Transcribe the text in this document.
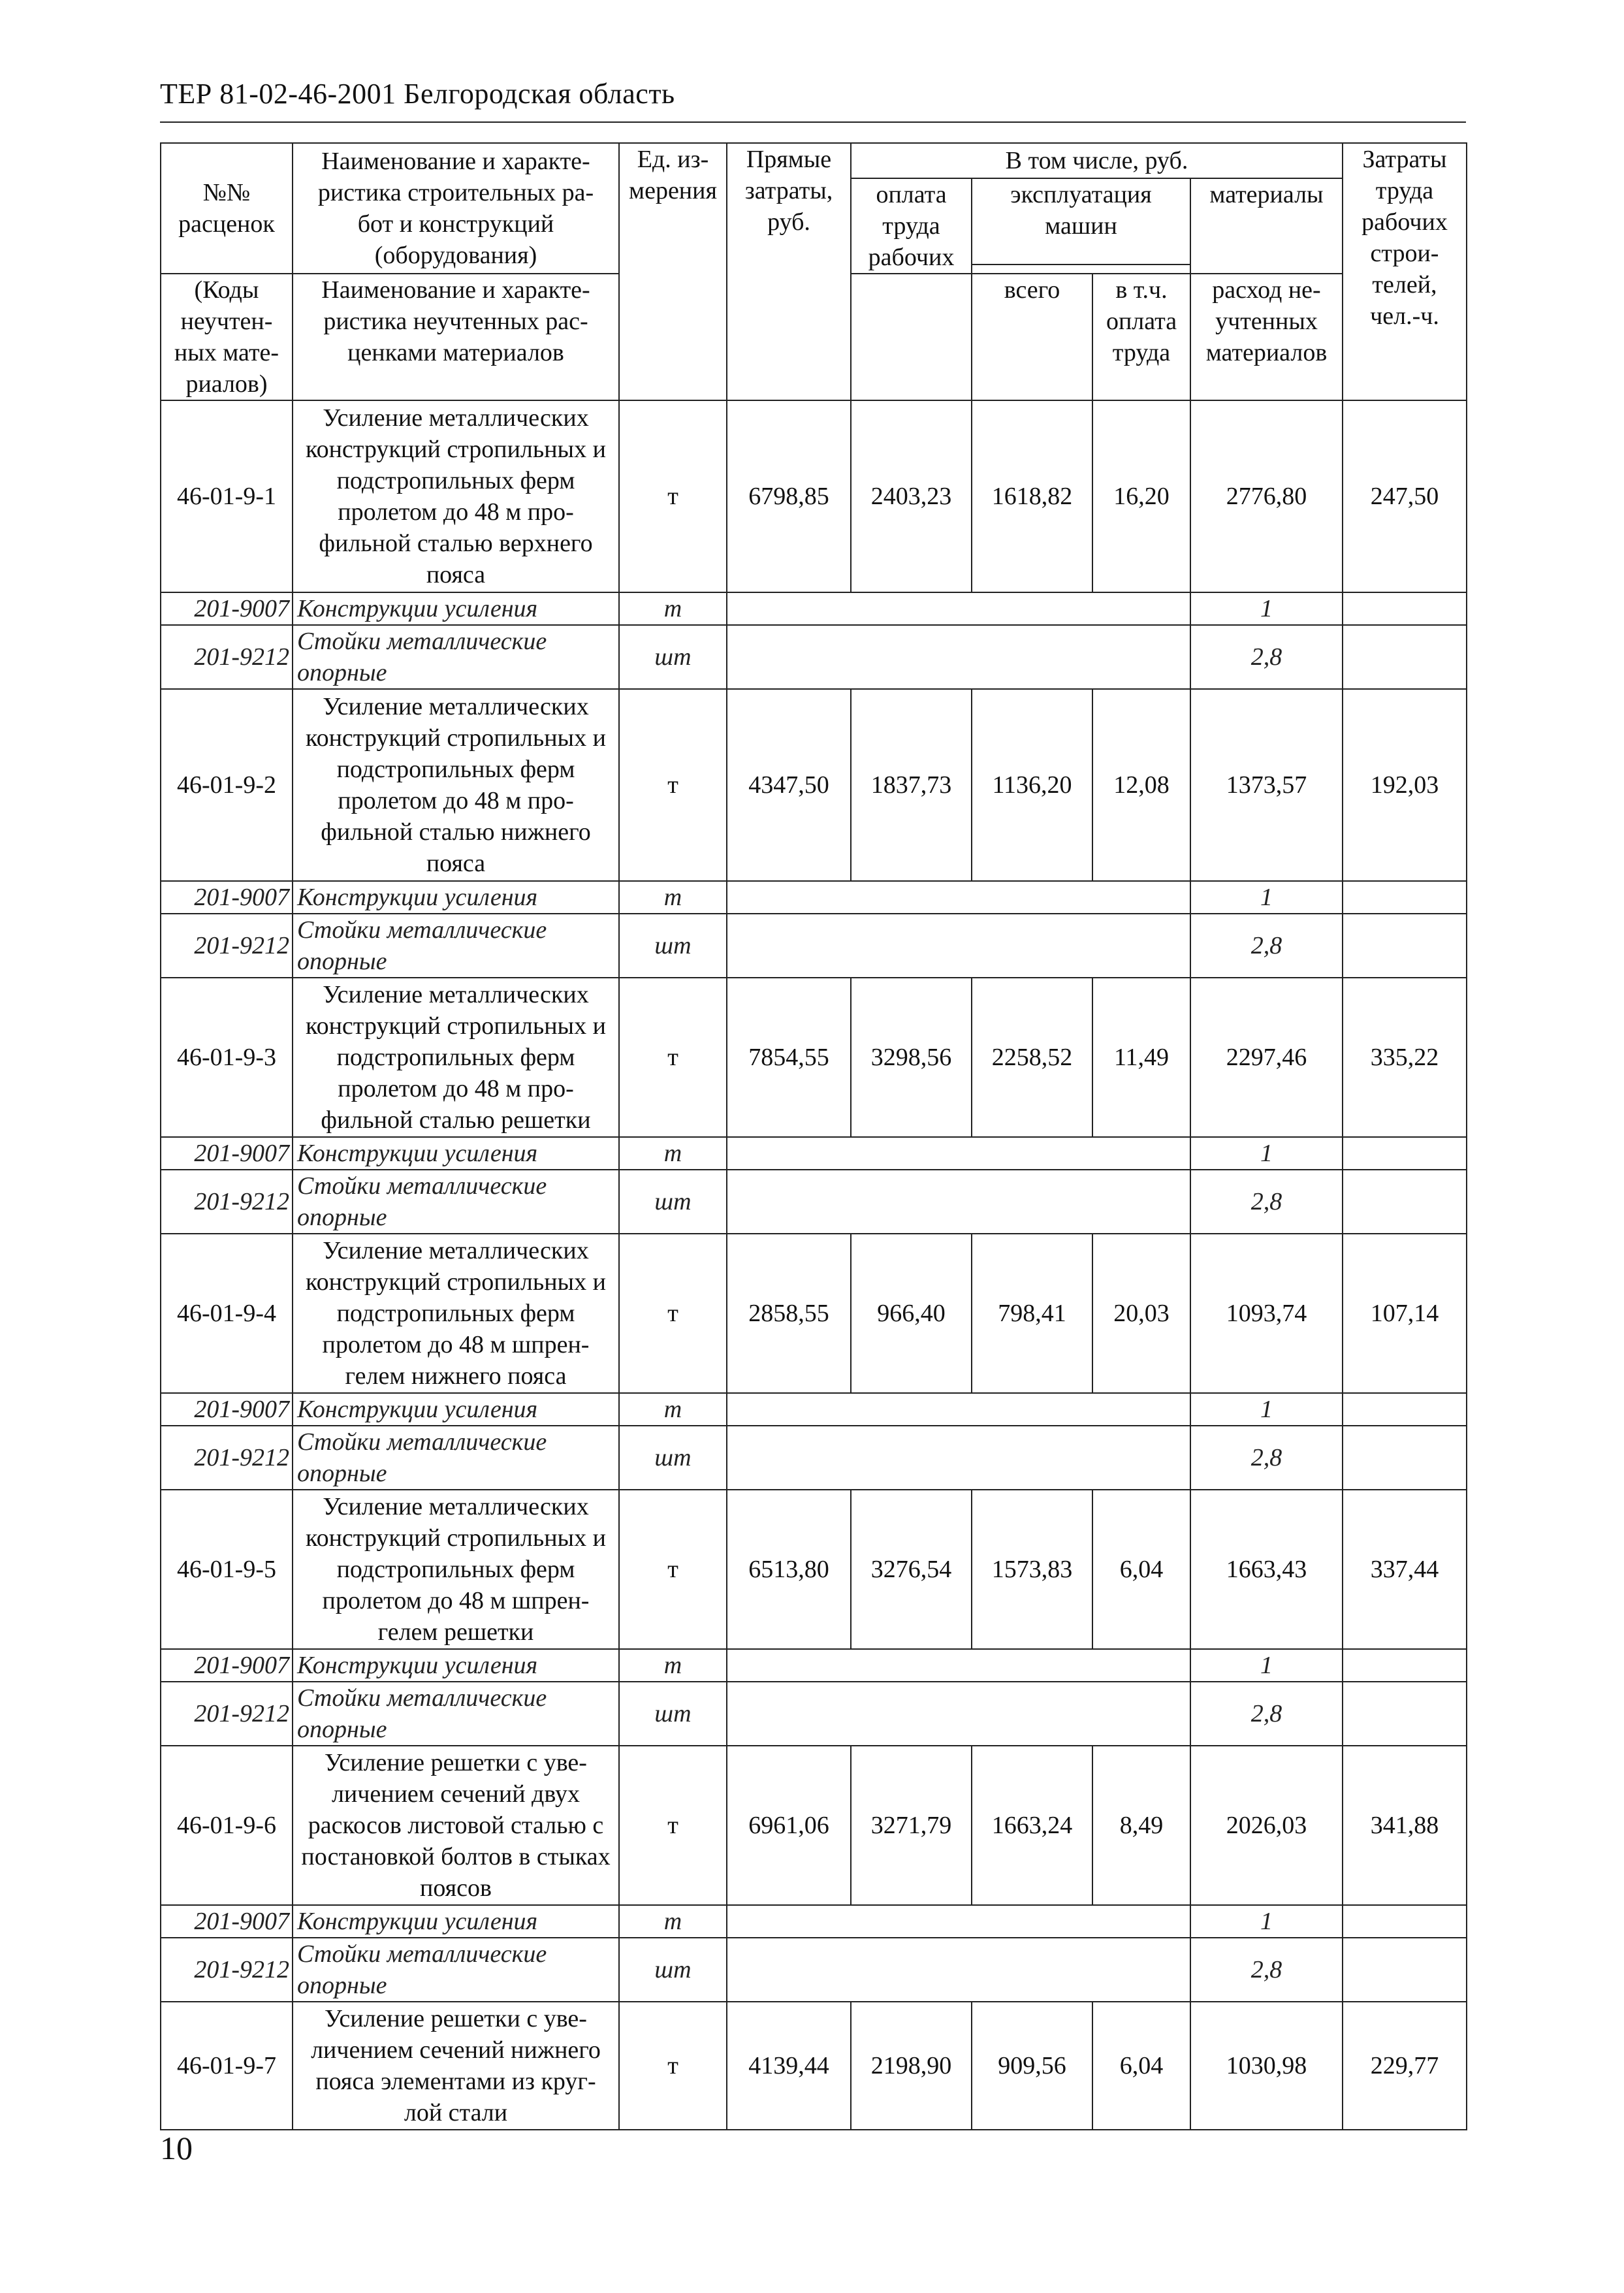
ТЕР 81-02-46-2001 Белгородская область
№№ расценок	Наименование и характе- ристика строительных ра- бот и конструкций (оборудования)	Ед. из- мерения	Прямые затраты, руб.	В том числе, руб.				Затраты труда рабочих строи- телей, чел.-ч.
				оплата труда рабочих	эксплуатация машин		материалы	

(Коды неучтен- ных мате- риалов)	Наименование и характе- ристика неучтенных рас- ценками материалов				всего	в т.ч. оплата труда	расход не- учтенных материалов	

46-01-9-1	Усиление металлических конструкций стропильных и подстропильных ферм пролетом до 48 м про- фильной сталью верхнего пояса	т	6798,85	2403,23	1618,82	16,20	2776,80	247,50
201-9007	Конструкции усиления	т					1	
201-9212	Стойки металлические опорные	шт					2,8	
46-01-9-2	Усиление металлических конструкций стропильных и подстропильных ферм пролетом до 48 м про- фильной сталью нижнего пояса	т	4347,50	1837,73	1136,20	12,08	1373,57	192,03
201-9007	Конструкции усиления	т					1	
201-9212	Стойки металлические опорные	шт					2,8	
46-01-9-3	Усиление металлических конструкций стропильных и подстропильных ферм пролетом до 48 м про- фильной сталью решетки	т	7854,55	3298,56	2258,52	11,49	2297,46	335,22
201-9007	Конструкции усиления	т					1	
201-9212	Стойки металлические опорные	шт					2,8	
46-01-9-4	Усиление металлических конструкций стропильных и подстропильных ферм пролетом до 48 м шпрен- гелем нижнего пояса	т	2858,55	966,40	798,41	20,03	1093,74	107,14
201-9007	Конструкции усиления	т					1	
201-9212	Стойки металлические опорные	шт					2,8	
46-01-9-5	Усиление металлических конструкций стропильных и подстропильных ферм пролетом до 48 м шпрен- гелем решетки	т	6513,80	3276,54	1573,83	6,04	1663,43	337,44
201-9007	Конструкции усиления	т					1	
201-9212	Стойки металлические опорные	шт					2,8	
46-01-9-6	Усиление решетки с уве- личением сечений двух раскосов листовой сталью с постановкой болтов в стыках поясов	т	6961,06	3271,79	1663,24	8,49	2026,03	341,88
201-9007	Конструкции усиления	т					1	
201-9212	Стойки металлические опорные	шт					2,8	
46-01-9-7	Усиление решетки с уве- личением сечений нижнего пояса элементами из круг- лой стали	т	4139,44	2198,90	909,56	6,04	1030,98	229,77
10
